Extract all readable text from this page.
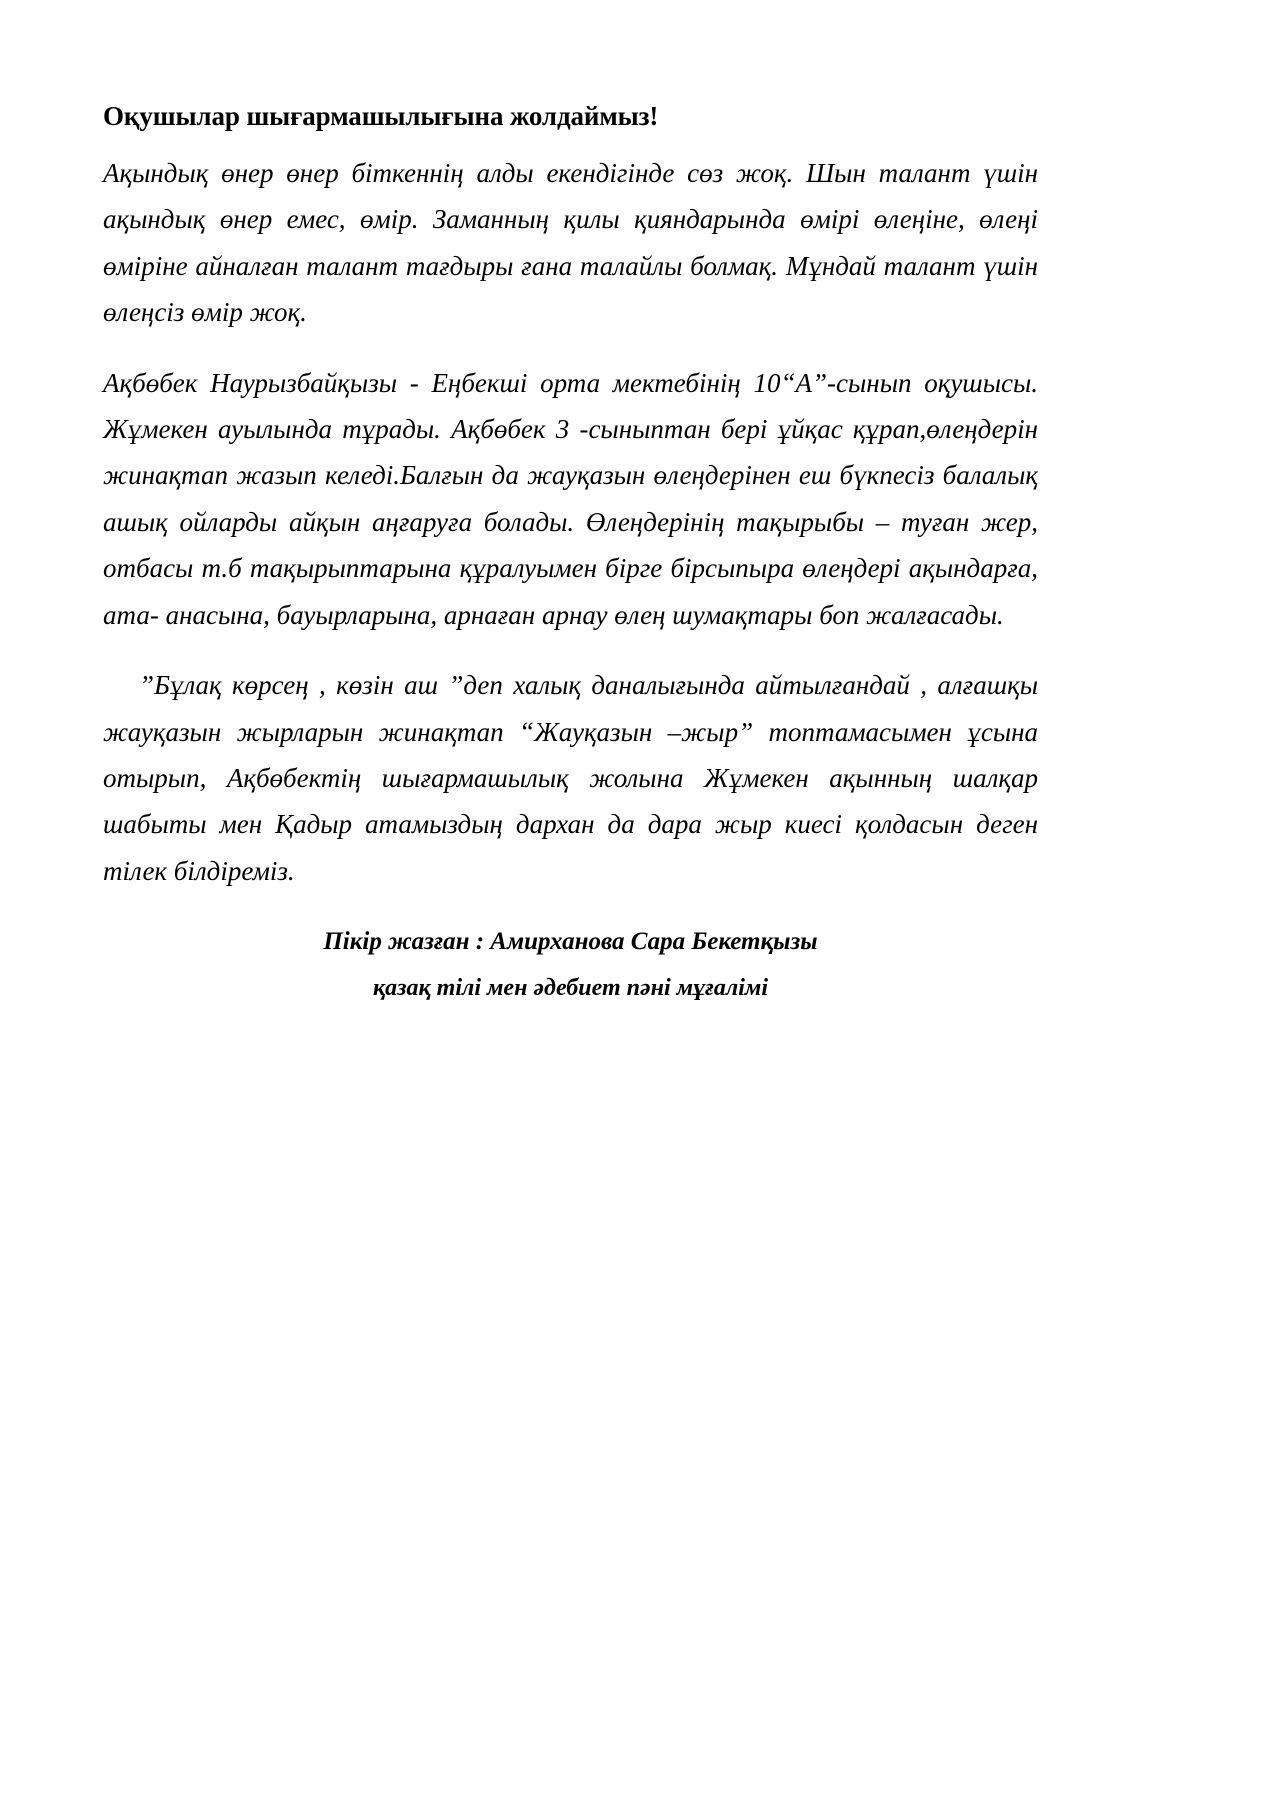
Оқушылар шығармашылығына жолдаймыз!

Ақындық өнер өнер біткеннің алды екендігінде сөз жоқ. Шын талант үшін ақындық өнер емес, өмір. Заманның қилы қияндарында өмірі өлеңіне, өлеңі өміріне айналған талант тағдыры ғана талайлы болмақ. Мұндай талант үшін өлеңсіз өмір жоқ.

Ақбөбек Наурызбайқызы - Еңбекші орта мектебінің 10“А”-сынып оқушысы. Жұмекен ауылында тұрады. Ақбөбек 3 -сыныптан бері ұйқас құрап,өлеңдерін жинақтап жазып келеді.Балғын да жауқазын өлеңдерінен еш бүкпесіз балалық ашық ойларды айқын аңғаруға болады. Өлеңдерінің тақырыбы – туған жер, отбасы т.б тақырыптарына құралуымен бірге бірсыпыра өлеңдері ақындарға, ата- анасына, бауырларына, арнаған арнау өлең шумақтары боп жалғасады.

”Бұлақ көрсең , көзін аш ”деп халық даналығында айтылғандай , алғашқы жауқазын жырларын жинақтап “Жауқазын –жыр” топтамасымен ұсына отырып, Ақбөбектің шығармашылық жолына Жұмекен ақынның шалқар шабыты мен Қадыр атамыздың дархан да дара жыр киесі қолдасын деген тілек білдіреміз.

Пікір жазған : Амирханова Сара Бекетқызы

қазақ тілі мен әдебиет пәні мұғалімі
